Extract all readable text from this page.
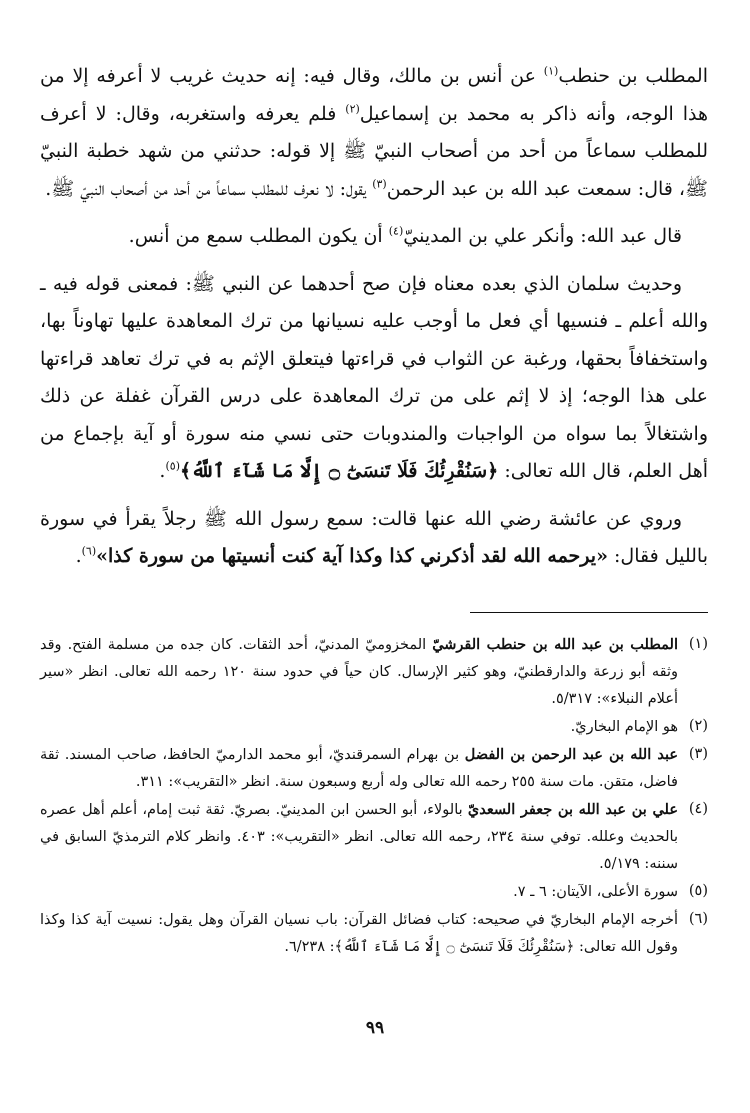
المطلب بن حنطب$^{(١)}$ عن أنس بن مالك، وقال فيه: إنه حديث غريب لا أعرفه إلا من هذا الوجه، وأنه ذاكر به محمد بن إسماعيل$^{(٢)}$ فلم يعرفه واستغربه، وقال: لا أعرف للمطلب سماعاً من أحد من أصحاب النبيّ ﷺ إلا قوله: حدثني من شهد خطبة النبيّ ﷺ، قال: سمعت عبد الله بن عبد الرحمن$^{(٣)}$ يقول: لا نعرف للمطلب سماعاً من أحد من أصحاب النبيّ ﷺ.

قال عبد الله: وأنكر علي بن المدينيّ$^{(٤)}$ أن يكون المطلب سمع من أنس.

وحديث سلمان الذي بعده معناه فإن صح أحدهما عن النبي ﷺ: فمعنى قوله فيه ـ والله أعلم ـ فنسيها أي فعل ما أوجب عليه نسيانها من ترك المعاهدة عليها تهاوناً بها، واستخفافاً بحقها، ورغبة عن الثواب في قراءتها فيتعلق الإثم به في ترك تعاهد قراءتها على هذا الوجه؛ إذ لا إثم على من ترك المعاهدة على درس القرآن غفلة عن ذلك واشتغالاً بما سواه من الواجبات والمندوبات حتى نسي منه سورة أو آية بإجماع من أهل العلم، قال الله تعالى: ﴿سَنُقْرِئُكَ فَلَا تَنسَىٰٓ ۝ إِلَّا مَا شَآءَ ٱللَّهُ﴾$^{(٥)}$.

وروي عن عائشة رضي الله عنها قالت: سمع رسول الله ﷺ رجلاً يقرأ في سورة بالليل فقال: «يرحمه الله لقد أذكرني كذا وكذا آية كنت أنسيتها من سورة كذا»$^{(٦)}$.

(١)
المطلب بن عبد الله بن حنطب القرشيّ المخزوميّ المدنيّ، أحد الثقات. كان جده من مسلمة الفتح. وقد وثقه أبو زرعة والدارقطنيّ، وهو كثير الإرسال. كان حياً في حدود سنة ١٢٠ رحمه الله تعالى. انظر «سير أعلام النبلاء»: ٥/٣١٧.
(٢)
هو الإمام البخاريّ.
(٣)
عبد الله بن عبد الرحمن بن الفضل بن بهرام السمرقنديّ، أبو محمد الدارميّ الحافظ، صاحب المسند. ثقة فاضل، متقن. مات سنة ٢٥٥ رحمه الله تعالى وله أربع وسبعون سنة. انظر «التقريب»: ٣١١.
(٤)
علي بن عبد الله بن جعفر السعديّ بالولاء، أبو الحسن ابن المدينيّ. بصريّ. ثقة ثبت إمام، أعلم أهل عصره بالحديث وعلله. توفي سنة ٢٣٤، رحمه الله تعالى. انظر «التقريب»: ٤٠٣. وانظر كلام الترمذيّ السابق في سننه: ٥/١٧٩.
(٥)
سورة الأعلى، الآيتان: ٦ ـ ٧.
(٦)
أخرجه الإمام البخاريّ في صحيحه: كتاب فضائل القرآن: باب نسيان القرآن وهل يقول: نسيت آية كذا وكذا وقول الله تعالى: ﴿سَنُقْرِئُكَ فَلَا تَنسَىٰٓ ۝ إِلَّا مَا شَآءَ ٱللَّهُ﴾: ٦/٢٣٨.
٩٩
